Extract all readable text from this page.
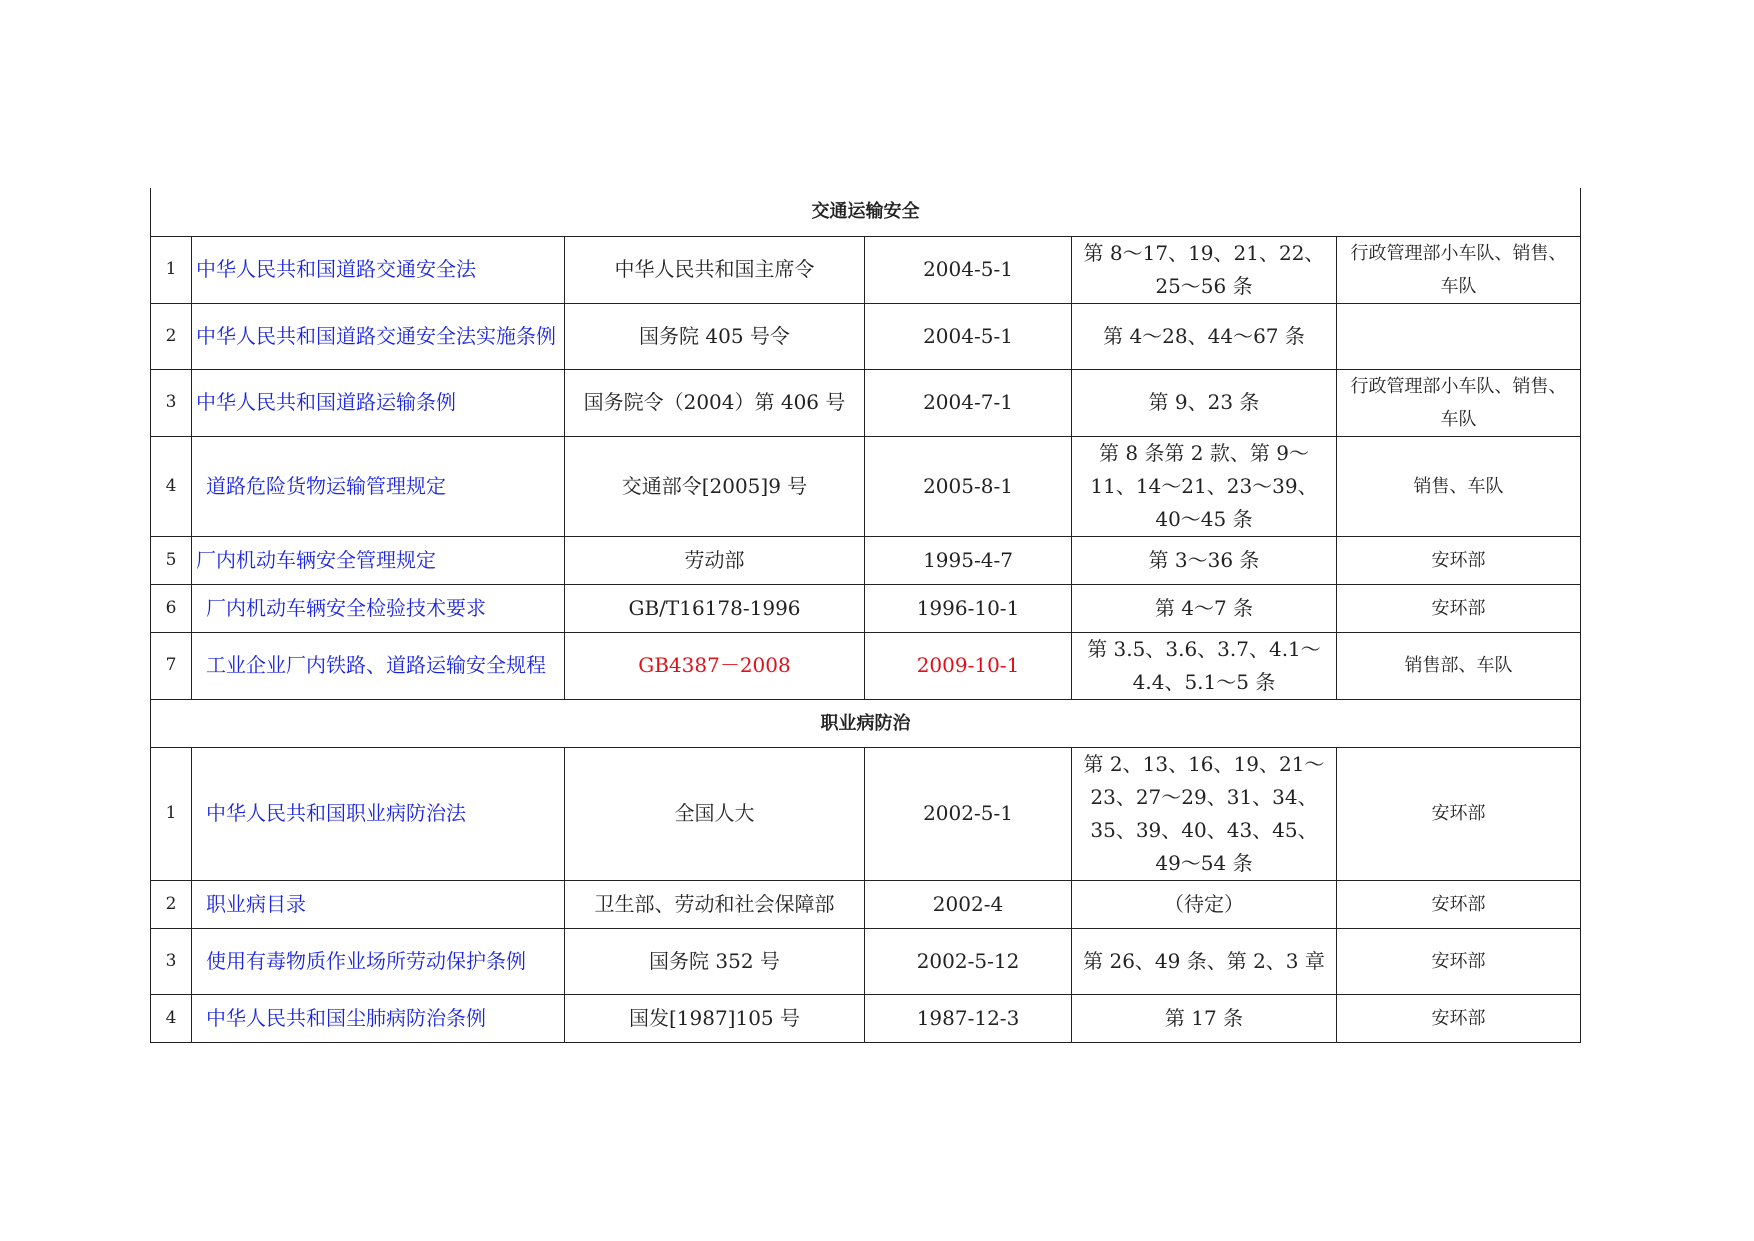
交通运输安全					
1	中华人民共和国道路交通安全法	中华人民共和国主席令	2004-5-1	第 8～17、19、21、22、25～56 条	行政管理部小车队、销售、车队
2	中华人民共和国道路交通安全法实施条例	国务院 405 号令	2004-5-1	第 4～28、44～67 条	
3	中华人民共和国道路运输条例	国务院令（2004）第 406 号	2004-7-1	第 9、23 条	行政管理部小车队、销售、车队
4	道路危险货物运输管理规定	交通部令[2005]9 号	2005-8-1	第 8 条第 2 款、第 9～11、14～21、23～39、40～45 条	销售、车队
5	厂内机动车辆安全管理规定	劳动部	1995-4-7	第 3～36 条	安环部
6	厂内机动车辆安全检验技术要求	GB/T16178-1996	1996-10-1	第 4～7 条	安环部
7	工业企业厂内铁路、道路运输安全规程	GB4387－2008	2009-10-1	第 3.5、3.6、3.7、4.1～4.4、5.1～5 条	销售部、车队
职业病防治					
1	中华人民共和国职业病防治法	全国人大	2002-5-1	第 2、13、16、19、21～23、27～29、31、34、35、39、40、43、45、49～54 条	安环部
2	职业病目录	卫生部、劳动和社会保障部	2002-4	（待定）	安环部
3	使用有毒物质作业场所劳动保护条例	国务院 352 号	2002-5-12	第 26、49 条、第 2、3 章	安环部
4	中华人民共和国尘肺病防治条例	国发[1987]105 号	1987-12-3	第 17 条	安环部
